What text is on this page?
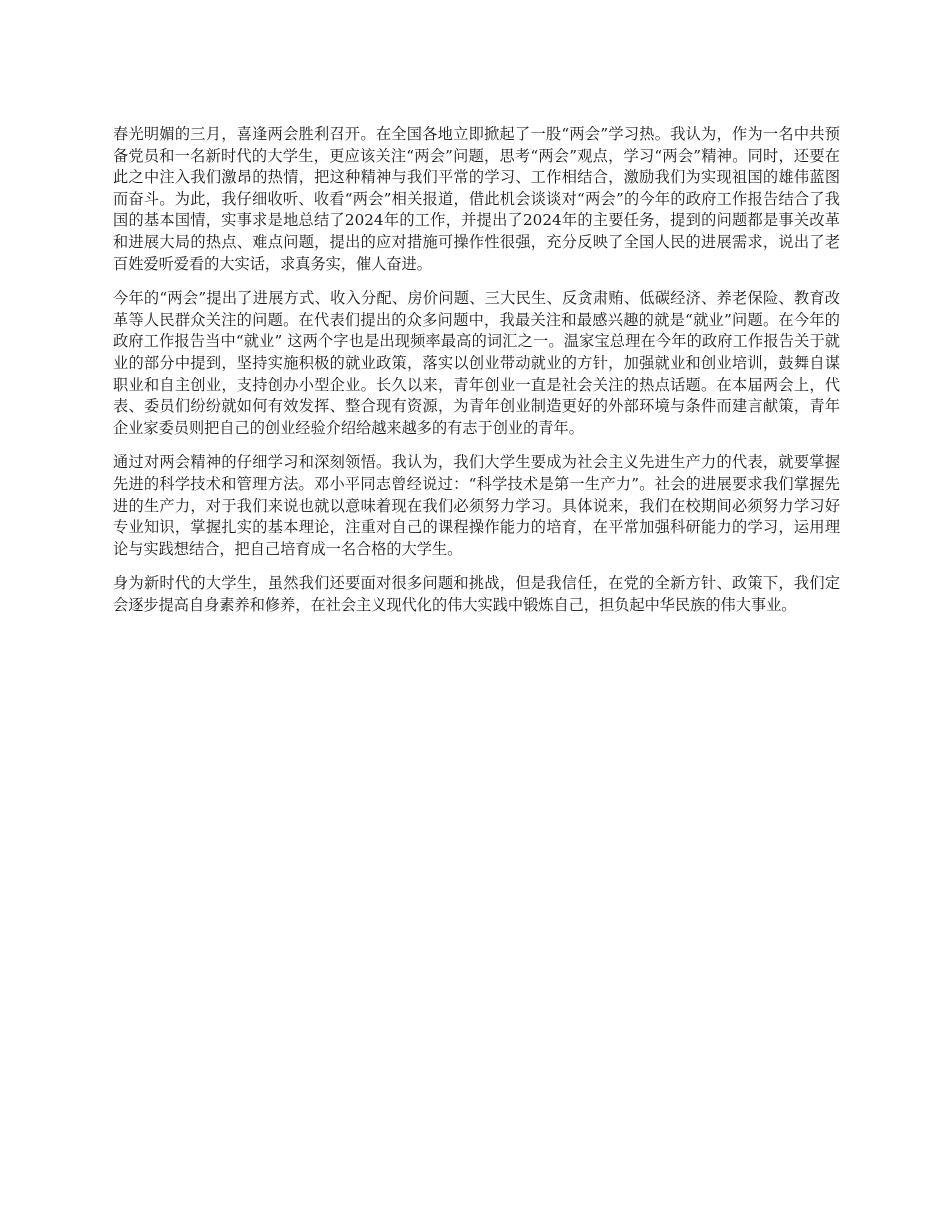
春光明媚的三月，喜逢两会胜利召开。在全国各地立即掀起了一股“两会”学习热。我认为，作为一名中共预备党员和一名新时代的大学生，更应该关注“两会”问题，思考“两会”观点，学习“两会”精神。同时，还要在此之中注入我们激昂的热情，把这种精神与我们平常的学习、工作相结合，激励我们为实现祖国的雄伟蓝图而奋斗。为此，我仔细收听、收看“两会”相关报道，借此机会谈谈对“两会”的今年的政府工作报告结合了我国的基本国情，实事求是地总结了2024年的工作，并提出了2024年的主要任务，提到的问题都是事关改革和进展大局的热点、难点问题，提出的应对措施可操作性很强，充分反映了全国人民的进展需求，说出了老百姓爱听爱看的大实话，求真务实，催人奋进。

今年的“两会”提出了进展方式、收入分配、房价问题、三大民生、反贪肃贿、低碳经济、养老保险、教育改革等人民群众关注的问题。在代表们提出的众多问题中，我最关注和最感兴趣的就是“就业”问题。在今年的政府工作报告当中“就业” 这两个字也是出现频率最高的词汇之一。温家宝总理在今年的政府工作报告关于就业的部分中提到，坚持实施积极的就业政策，落实以创业带动就业的方针，加强就业和创业培训，鼓舞自谋职业和自主创业，支持创办小型企业。长久以来，青年创业一直是社会关注的热点话题。在本届两会上，代表、委员们纷纷就如何有效发挥、整合现有资源，为青年创业制造更好的外部环境与条件而建言献策，青年企业家委员则把自己的创业经验介绍给越来越多的有志于创业的青年。

通过对两会精神的仔细学习和深刻领悟。我认为，我们大学生要成为社会主义先进生产力的代表，就要掌握先进的科学技术和管理方法。邓小平同志曾经说过：“科学技术是第一生产力”。社会的进展要求我们掌握先进的生产力，对于我们来说也就以意味着现在我们必须努力学习。具体说来，我们在校期间必须努力学习好专业知识，掌握扎实的基本理论，注重对自己的课程操作能力的培育，在平常加强科研能力的学习，运用理论与实践想结合，把自己培育成一名合格的大学生。

身为新时代的大学生，虽然我们还要面对很多问题和挑战，但是我信任，在党的全新方针、政策下，我们定会逐步提高自身素养和修养，在社会主义现代化的伟大实践中锻炼自己，担负起中华民族的伟大事业。
